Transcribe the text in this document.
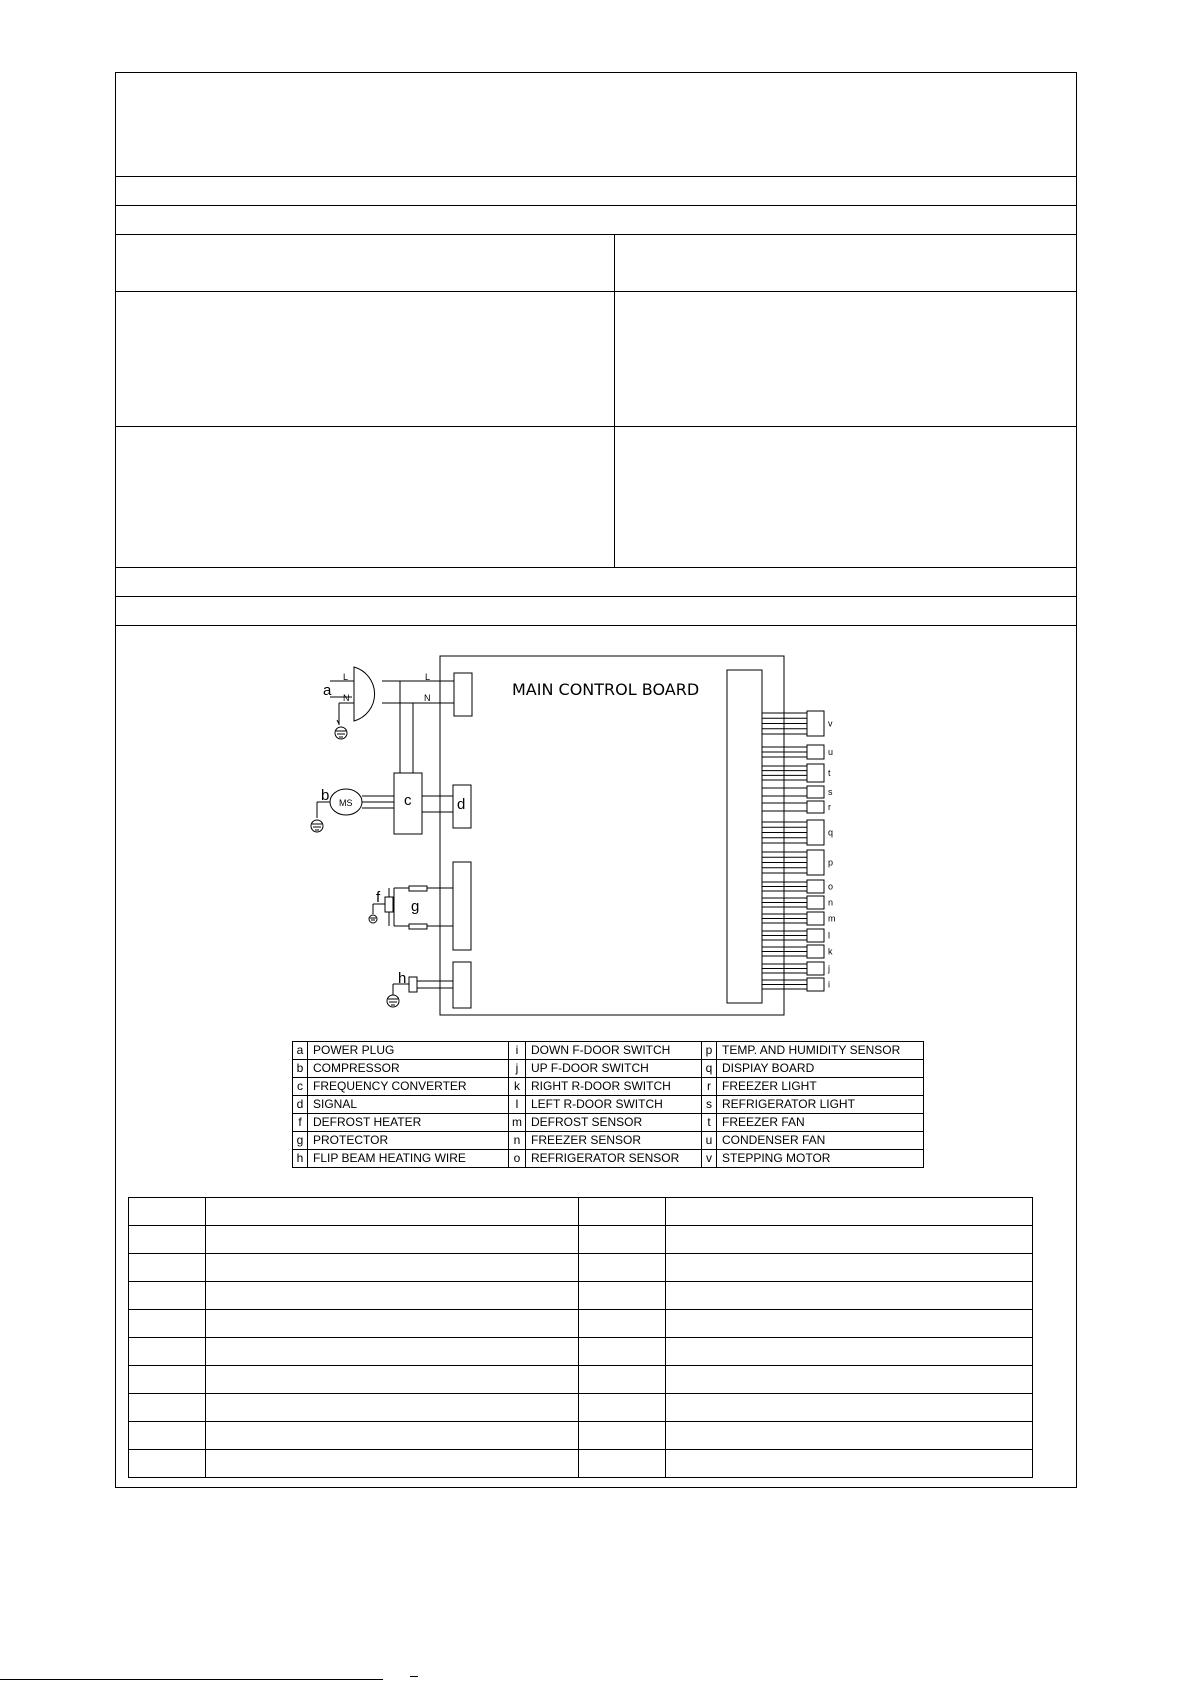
MAIN CONTROL BOARD
a
L
N
L
N
b MS	c	d
f
g
h
v
u
t
s
r
q
p
o
n
m
l
k
j
i
a	POWER PLUG	i	DOWN F-DOOR SWITCH	p	TEMP. AND HUMIDITY SENSOR
b	COMPRESSOR	j	UP F-DOOR SWITCH	q	DISPIAY BOARD
c	FREQUENCY CONVERTER	k	RIGHT R-DOOR SWITCH	r	FREEZER LIGHT
d	SIGNAL	l	LEFT R-DOOR SWITCH	s	REFRIGERATOR LIGHT
f	DEFROST HEATER	m	DEFROST SENSOR	t	FREEZER FAN
g	PROTECTOR	n	FREEZER SENSOR	u	CONDENSER FAN
h	FLIP BEAM HEATING WIRE	o	REFRIGERATOR SENSOR	v	STEPPING MOTOR
